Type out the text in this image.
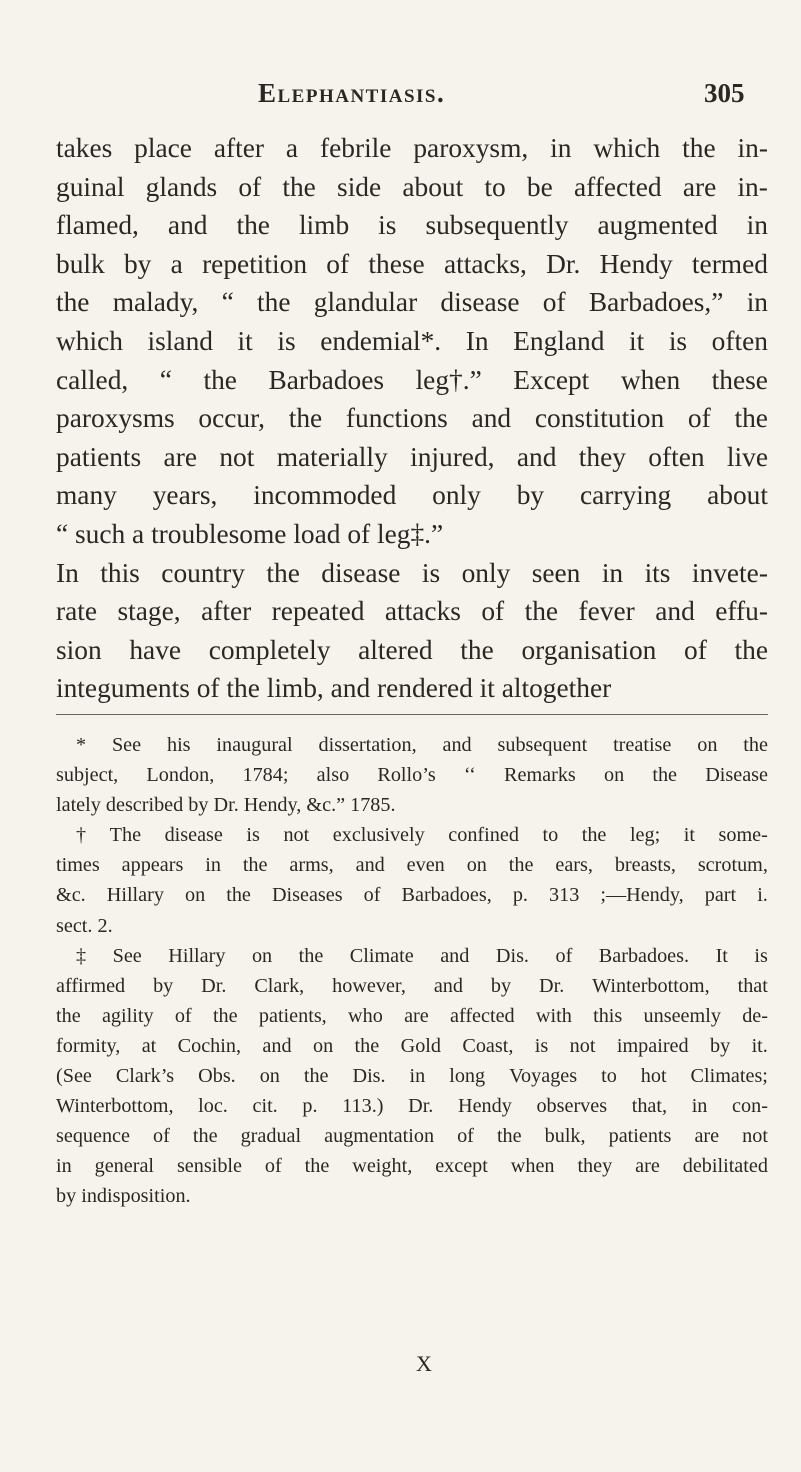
Elephantiasis.	305
takes place after a febrile paroxysm, in which the in-
guinal glands of the side about to be affected are in-
flamed, and the limb is subsequently augmented in
bulk by a repetition of these attacks, Dr. Hendy termed
the malady, “ the glandular disease of Barbadoes,” in
which island it is endemial*. In England it is often
called, “ the Barbadoes leg†.” Except when these
paroxysms occur, the functions and constitution of the
patients are not materially injured, and they often live
many years, incommoded only by carrying about
“ such a troublesome load of leg‡.”
In this country the disease is only seen in its invete-
rate stage, after repeated attacks of the fever and effu-
sion have completely altered the organisation of the
integuments of the limb, and rendered it altogether
* See his inaugural dissertation, and subsequent treatise on the
subject, London, 1784; also Rollo’s ‘‘ Remarks on the Disease
lately described by Dr. Hendy, &c.” 1785.
† The disease is not exclusively confined to the leg; it some-
times appears in the arms, and even on the ears, breasts, scrotum,
&c. Hillary on the Diseases of Barbadoes, p. 313 ;—Hendy, part i.
sect. 2.
‡ See Hillary on the Climate and Dis. of Barbadoes. It is
affirmed by Dr. Clark, however, and by Dr. Winterbottom, that
the agility of the patients, who are affected with this unseemly de-
formity, at Cochin, and on the Gold Coast, is not impaired by it.
(See Clark’s Obs. on the Dis. in long Voyages to hot Climates;
Winterbottom, loc. cit. p. 113.) Dr. Hendy observes that, in con-
sequence of the gradual augmentation of the bulk, patients are not
in general sensible of the weight, except when they are debilitated
by indisposition.
X
